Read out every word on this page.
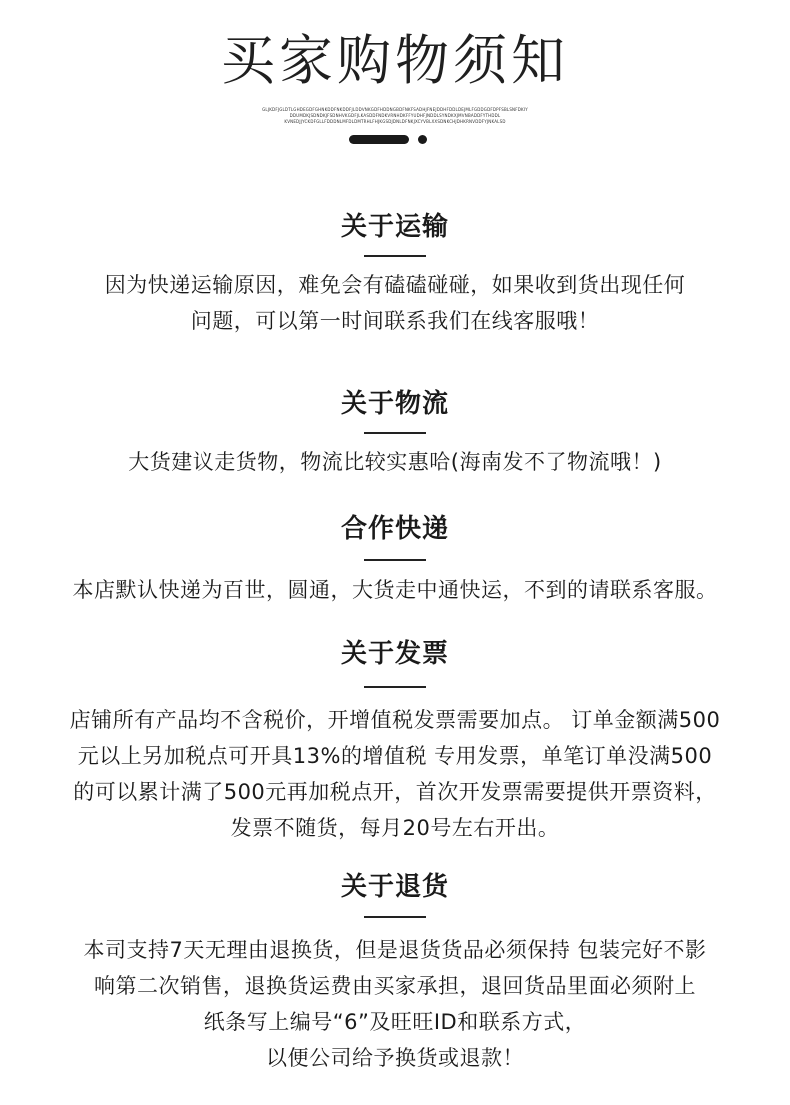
买家购物须知
GLJKDFJGLDTLGHDEGDFGHNKDDFNKDDFJLDDVNKGDFHDDNGBDFNKFSADHJFNEJDDHFDDLDEJMLFGDDGDFDPFSBLSNFDKIY
DDUMDKJSDNDKJFSDNHVKGDFJLKASDDFNDKVRNHDKFFYUDHFJNDDLSYNDKXJMVNBADDFYTHDDL
KVNEDJJYCKDFGLLFDDDNLMFDLDMTRHLFHJKGSDJDNLDFNKJXCYVBLXXSDNKCHJDHKRNVDDFYJNKALSD
关于运输
因为快递运输原因，难免会有磕磕碰碰，如果收到货出现任何
问题，可以第一时间联系我们在线客服哦！
关于物流
大货建议走货物，物流比较实惠哈(海南发不了物流哦！)
合作快递
本店默认快递为百世，圆通，大货走中通快运，不到的请联系客服。
关于发票
店铺所有产品均不含税价，开增值税发票需要加点。 订单金额满500
元以上另加税点可开具13%的增值税 专用发票，单笔订单没满500
的可以累计满了500元再加税点开，首次开发票需要提供开票资料，
发票不随货，每月20号左右开出。
关于退货
本司支持7天无理由退换货，但是退货货品必须保持 包装完好不影
响第二次销售，退换货运费由买家承担，退回货品里面必须附上
纸条写上编号“6”及旺旺ID和联系方式，
以便公司给予换货或退款！
